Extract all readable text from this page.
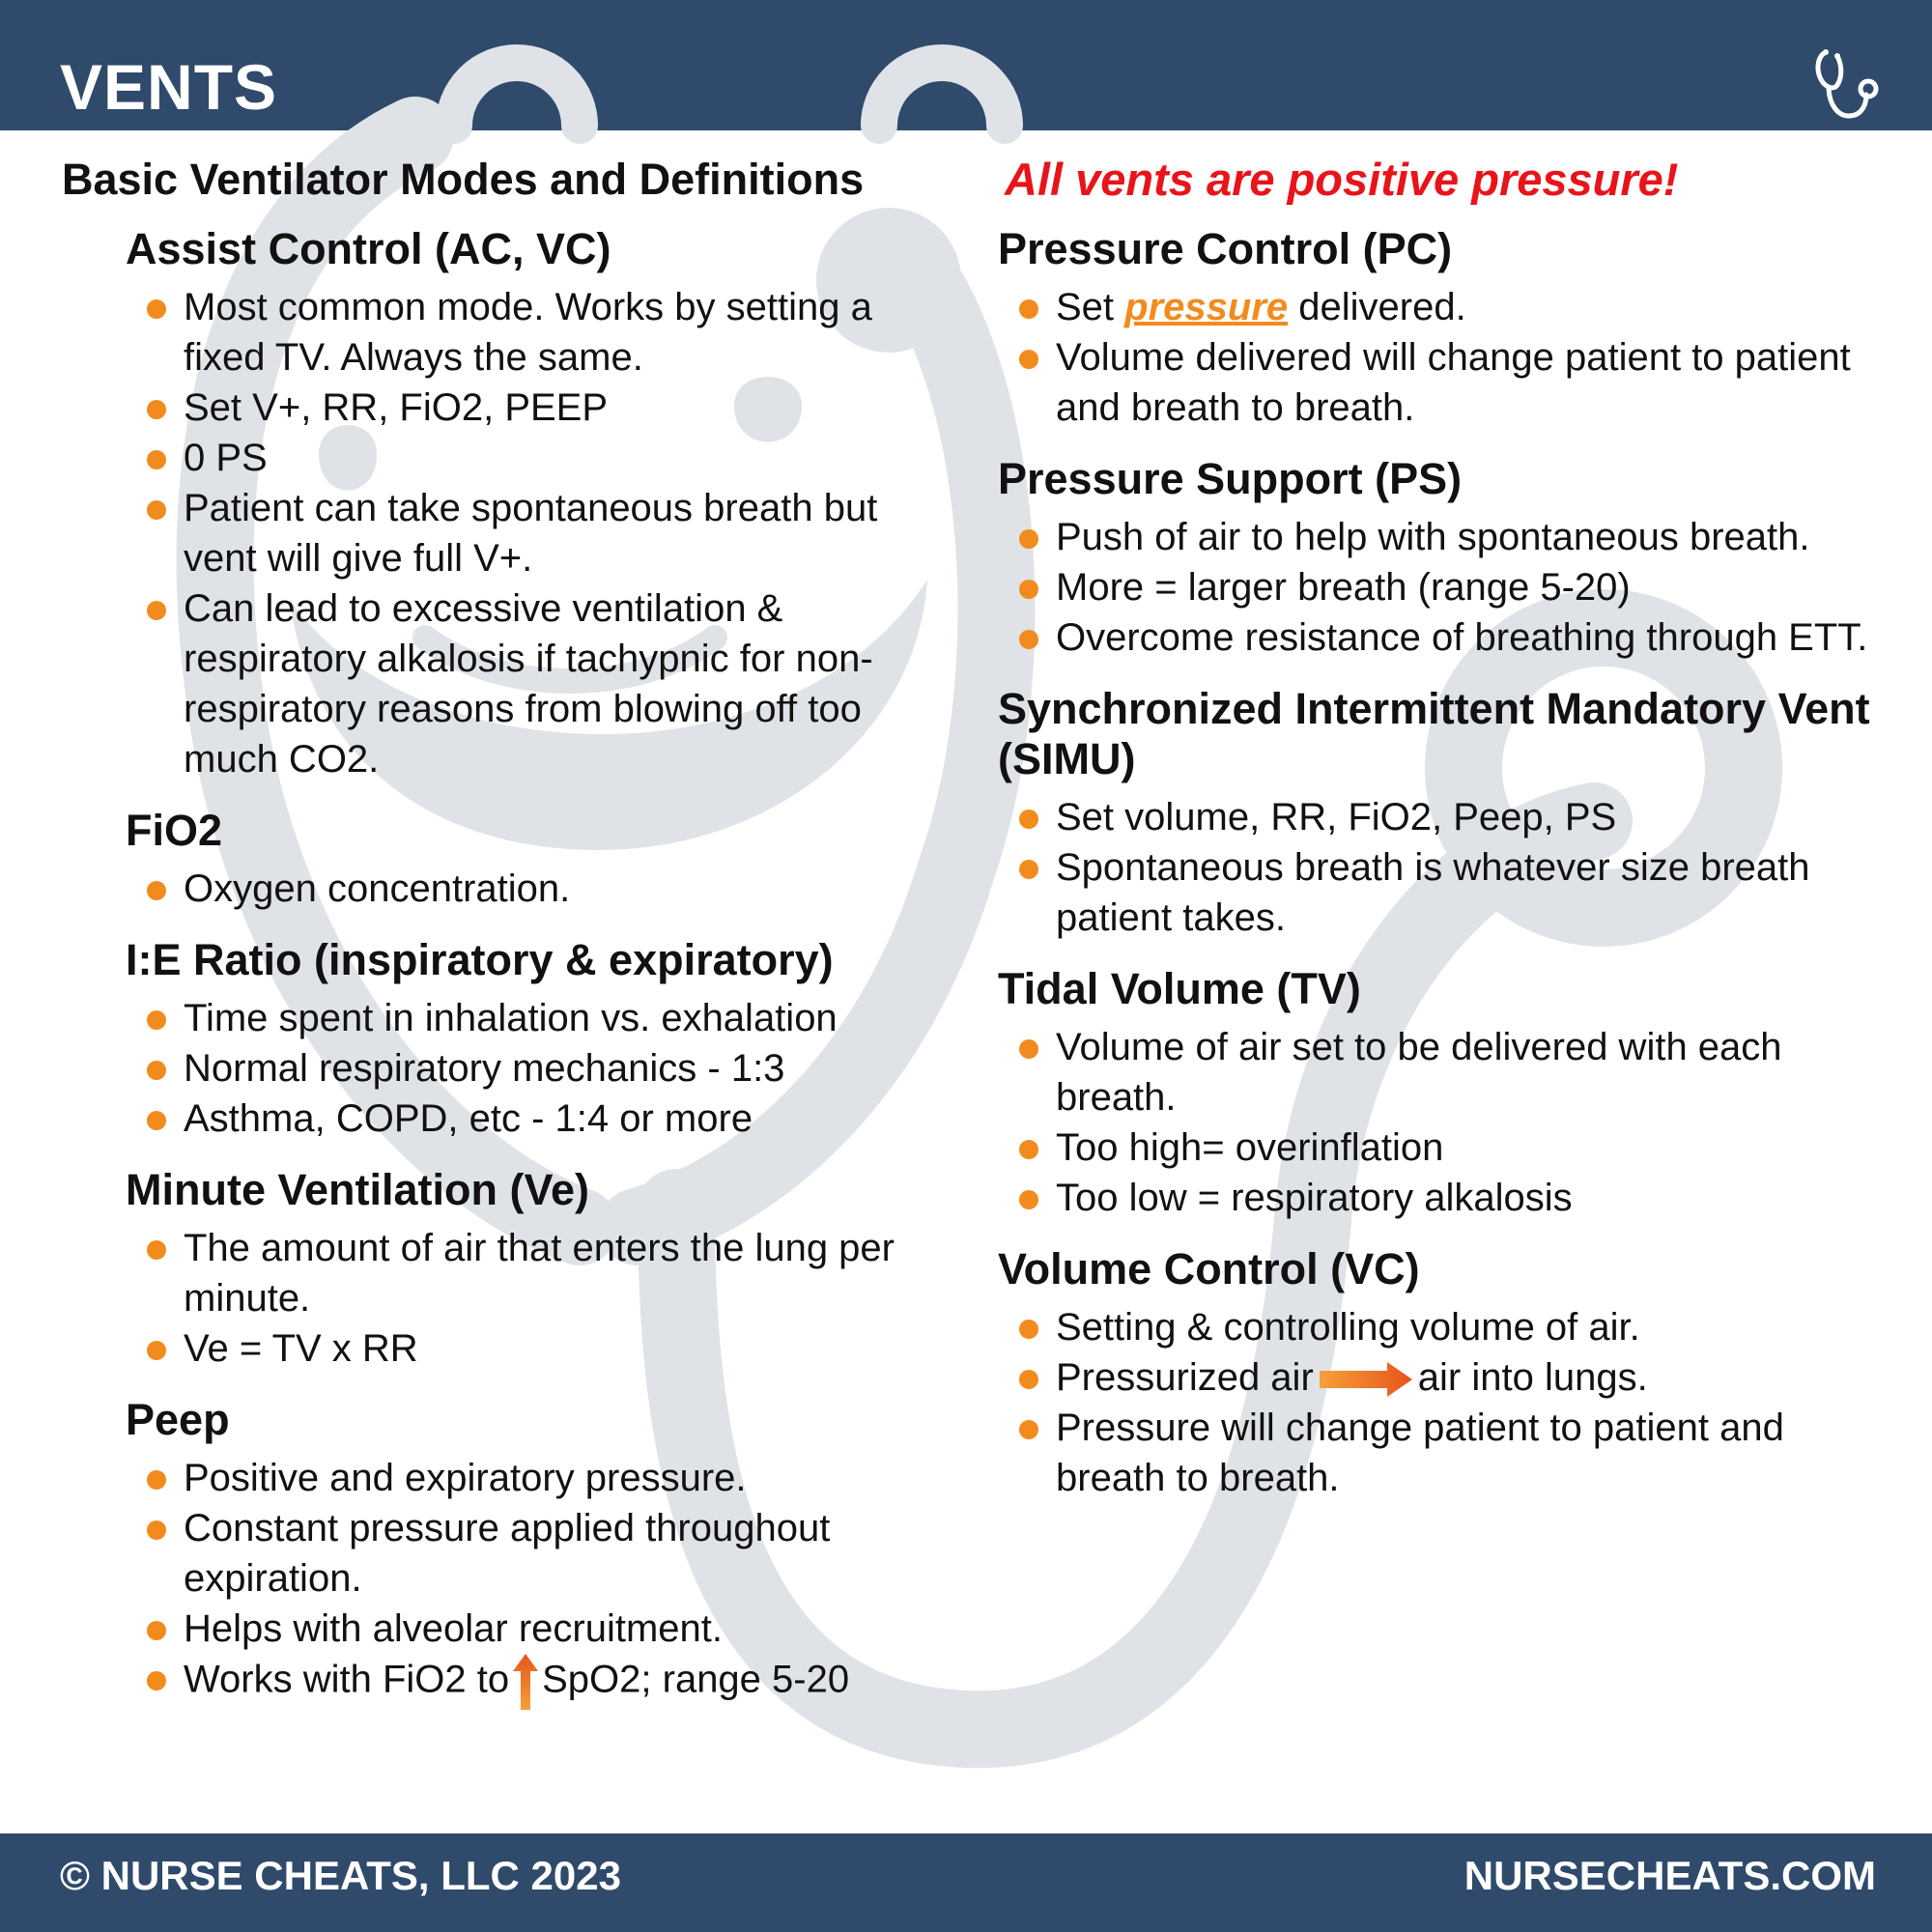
VENTS
Basic Ventilator Modes and Definitions	All vents are positive pressure!
Assist Control (AC, VC)
Most common mode. Works by setting a fixed TV. Always the same.
Set V+, RR, FiO2, PEEP
0 PS
Patient can take spontaneous breath but vent will give full V+.
Can lead to excessive ventilation & respiratory alkalosis if tachypnic for non-respiratory reasons from blowing off too much CO2.
FiO2
Oxygen concentration.
I:E Ratio (inspiratory & expiratory)
Time spent in inhalation vs. exhalation
Normal respiratory mechanics - 1:3
Asthma, COPD, etc - 1:4 or more
Minute Ventilation (Ve)
The amount of air that enters the lung per minute.
Ve = TV x RR
Peep
Positive and expiratory pressure.
Constant pressure applied throughout expiration.
Helps with alveolar recruitment.
Works with FiO2 to SpO2; range 5-20
Pressure Control (PC)
Set pressure delivered.
Volume delivered will change patient to patient and breath to breath.
Pressure Support (PS)
Push of air to help with spontaneous breath.
More = larger breath (range 5-20)
Overcome resistance of breathing through ETT.
Synchronized Intermittent Mandatory Vent (SIMU)
Set volume, RR, FiO2, Peep, PS
Spontaneous breath is whatever size breath patient takes.
Tidal Volume (TV)
Volume of air set to be delivered with each breath.
Too high= overinflation
Too low = respiratory alkalosis
Volume Control (VC)
Setting & controlling volume of air.
Pressurized air	air into lungs.
Pressure will change patient to patient and breath to breath.
© NURSE CHEATS, LLC 2023	NURSECHEATS.COM
